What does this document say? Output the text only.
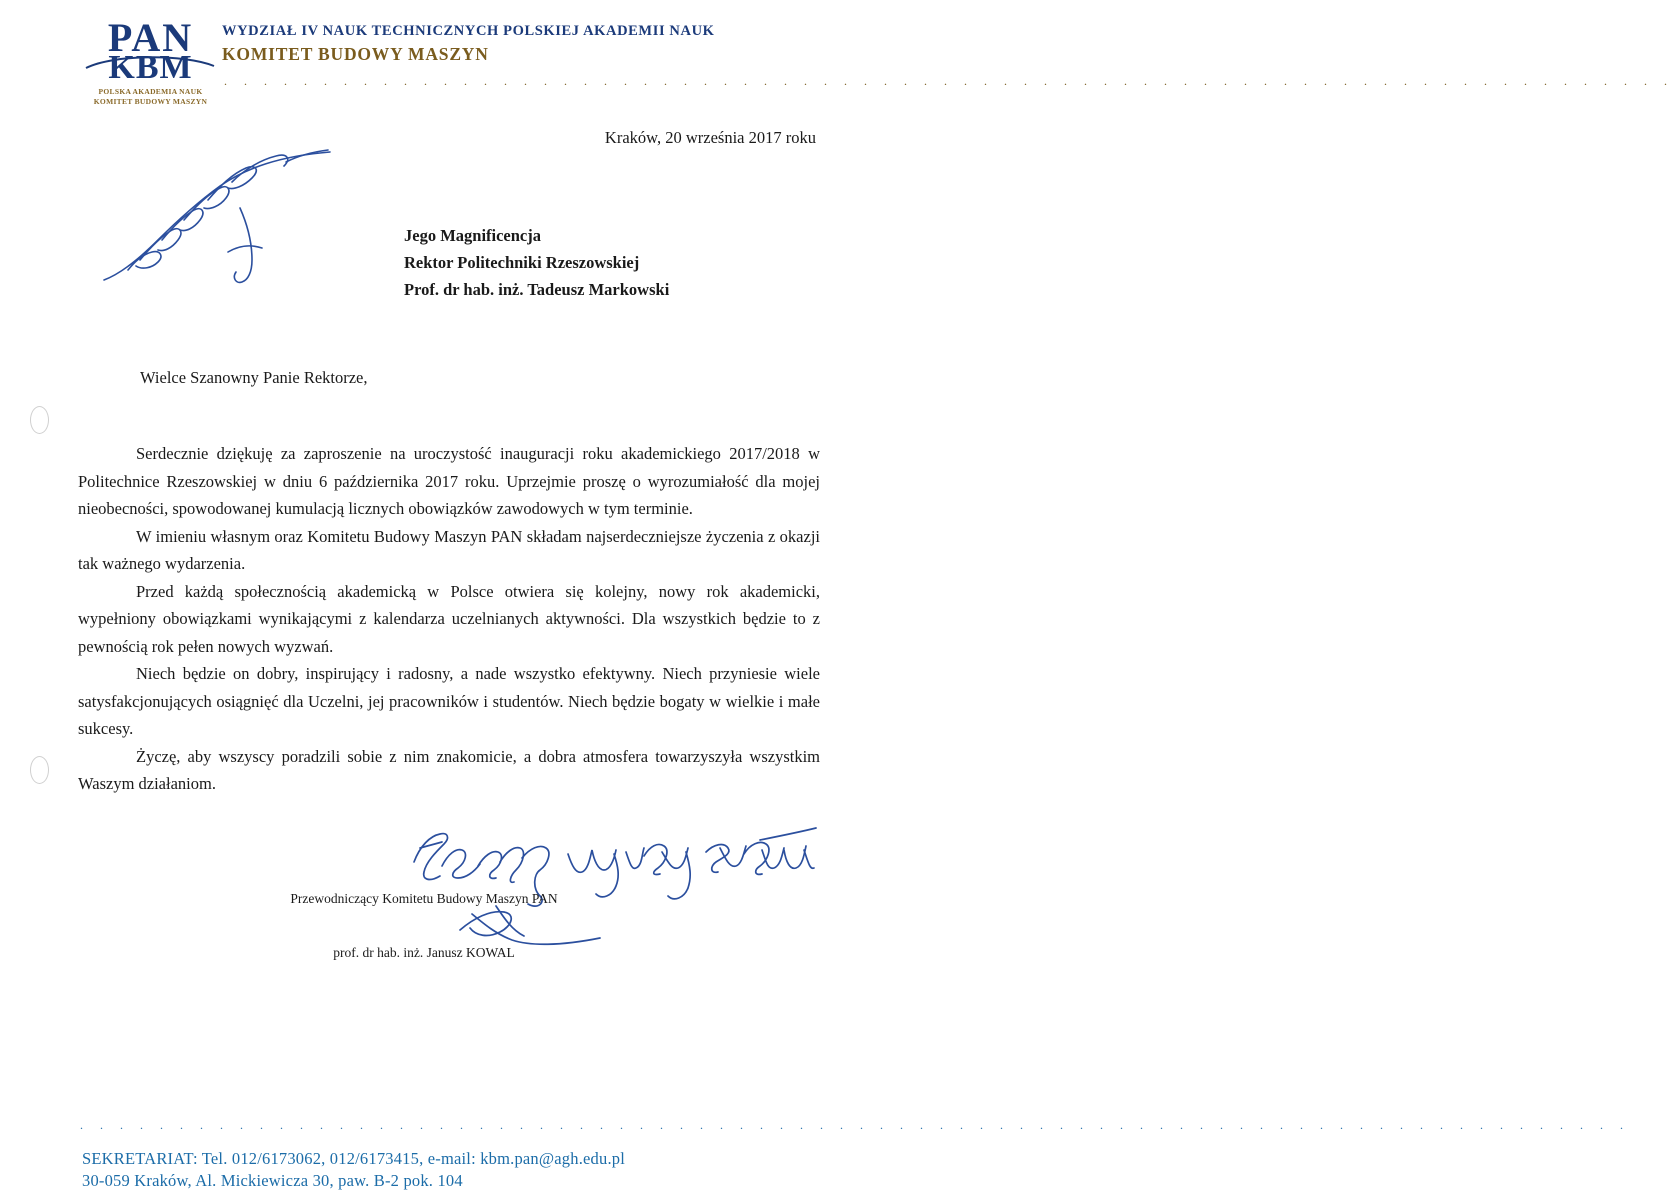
PAN
KBM
POLSKA AKADEMIA NAUK
KOMITET BUDOWY MASZYN
WYDZIAŁ IV NAUK TECHNICZNYCH POLSKIEJ AKADEMII NAUK
KOMITET BUDOWY MASZYN
. . . . . . . . . . . . . . . . . . . . . . . . . . . . . . . . . . . . . . . . . . . . . . . . . . . . . . . . . . . . . . . . . . . . . . . . .
Kraków, 20 września 2017 roku
Jego Magnificencja
Rektor Politechniki Rzeszowskiej
Prof. dr hab. inż. Tadeusz Markowski
Wielce Szanowny Panie Rektorze,

Serdecznie dziękuję za zaproszenie na uroczystość inauguracji roku akademickiego 2017/2018 w Politechnice Rzeszowskiej w dniu 6 października 2017 roku. Uprzejmie proszę o wyrozumiałość dla mojej nieobecności, spowodowanej kumulacją licznych obowiązków zawodowych w tym terminie.

W imieniu własnym oraz Komitetu Budowy Maszyn PAN składam najserdeczniejsze życzenia z okazji tak ważnego wydarzenia.

Przed każdą społecznością akademicką w Polsce otwiera się kolejny, nowy rok akademicki, wypełniony obowiązkami wynikającymi z kalendarza uczelnianych aktywności. Dla wszystkich będzie to z pewnością rok pełen nowych wyzwań.

Niech będzie on dobry, inspirujący i radosny, a nade wszystko efektywny. Niech przyniesie wiele satysfakcjonujących osiągnięć dla Uczelni, jej pracowników i studentów. Niech będzie bogaty w wielkie i małe sukcesy.

Życzę, aby wszyscy poradzili sobie z nim znakomicie, a dobra atmosfera towarzyszyła wszystkim Waszym działaniom.

Przewodniczący Komitetu Budowy Maszyn PAN
prof. dr hab. inż. Janusz KOWAL
. . . . . . . . . . . . . . . . . . . . . . . . . . . . . . . . . . . . . . . . . . . . . . . . . . . . . . . . . . . . . . . . . . . . . . . . . . . . . .
SEKRETARIAT: Tel. 012/6173062, 012/6173415, e-mail: kbm.pan@agh.edu.pl
30-059 Kraków, Al. Mickiewicza 30, paw. B-2 pok. 104
